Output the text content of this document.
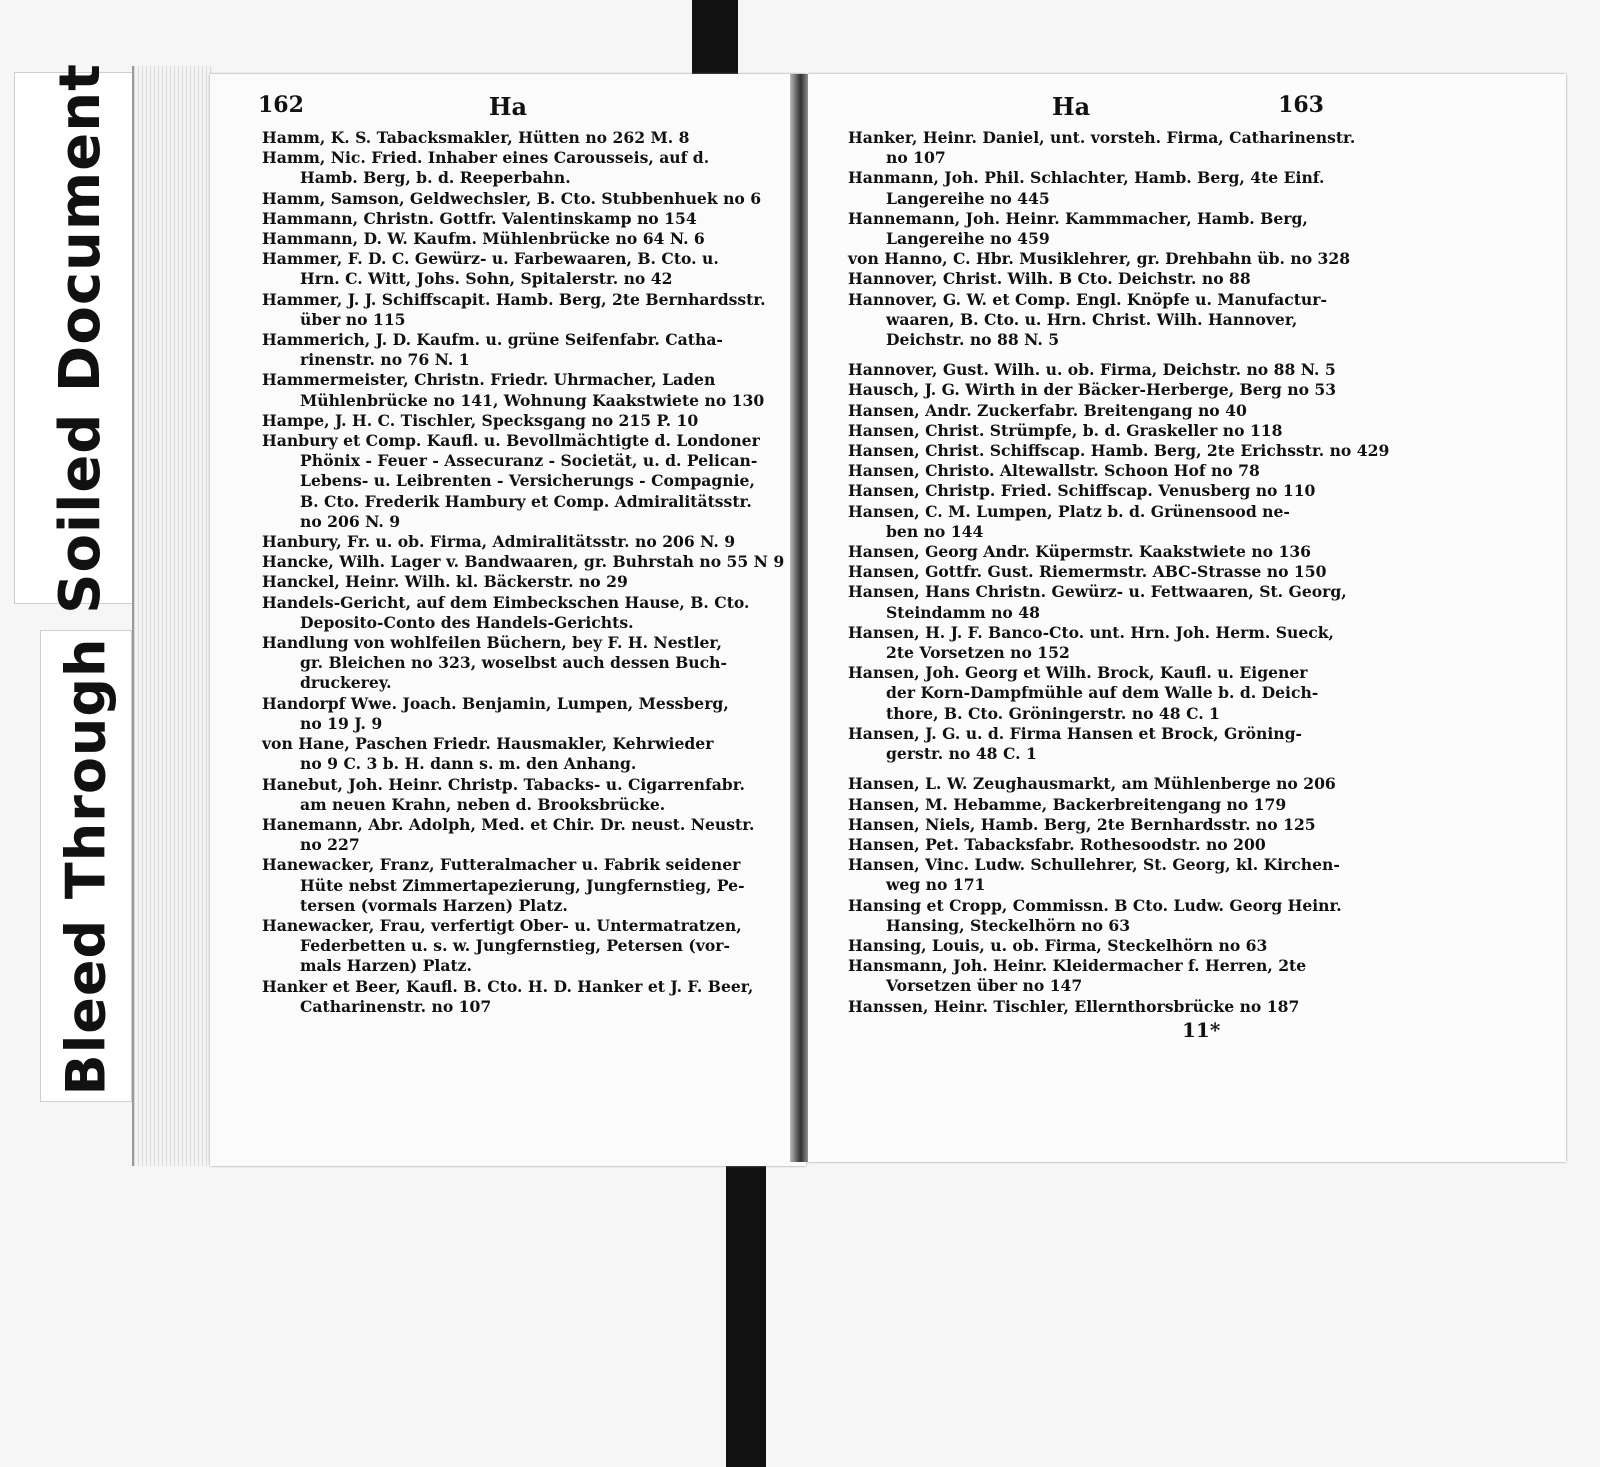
Soiled Document
Bleed Through
162	Ha
Hamm, K. S. Tabacksmakler, Hütten no 262 M. 8
Hamm, Nic. Fried. Inhaber eines Carousseis, auf d.
Hamb. Berg, b. d. Reeperbahn.
Hamm, Samson, Geldwechsler, B. Cto. Stubbenhuek no 6
Hammann, Christn. Gottfr. Valentinskamp no 154
Hammann, D. W. Kaufm. Mühlenbrücke no 64 N. 6
Hammer, F. D. C. Gewürz- u. Farbewaaren, B. Cto. u.
Hrn. C. Witt, Johs. Sohn, Spitalerstr. no 42
Hammer, J. J. Schiffscapit. Hamb. Berg, 2te Bernhardsstr.
über no 115
Hammerich, J. D. Kaufm. u. grüne Seifenfabr. Catha-
rinenstr. no 76 N. 1
Hammermeister, Christn. Friedr. Uhrmacher, Laden
Mühlenbrücke no 141, Wohnung Kaakstwiete no 130
Hampe, J. H. C. Tischler, Specksgang no 215 P. 10
Hanbury et Comp. Kaufl. u. Bevollmächtigte d. Londoner
Phönix - Feuer - Assecuranz - Societät, u. d. Pelican-
Lebens- u. Leibrenten - Versicherungs - Compagnie,
B. Cto. Frederik Hambury et Comp. Admiralitätsstr.
no 206 N. 9
Hanbury, Fr. u. ob. Firma, Admiralitätsstr. no 206 N. 9
Hancke, Wilh. Lager v. Bandwaaren, gr. Buhrstah no 55 N 9
Hanckel, Heinr. Wilh. kl. Bäckerstr. no 29
Handels-Gericht, auf dem Eimbeckschen Hause, B. Cto.
Deposito-Conto des Handels-Gerichts.
Handlung von wohlfeilen Büchern, bey F. H. Nestler,
gr. Bleichen no 323, woselbst auch dessen Buch-
druckerey.
Handorpf Wwe. Joach. Benjamin, Lumpen, Messberg,
no 19 J. 9
von Hane, Paschen Friedr. Hausmakler, Kehrwieder
no 9 C. 3 b. H. dann s. m. den Anhang.
Hanebut, Joh. Heinr. Christp. Tabacks- u. Cigarrenfabr.
am neuen Krahn, neben d. Brooksbrücke.
Hanemann, Abr. Adolph, Med. et Chir. Dr. neust. Neustr.
no 227
Hanewacker, Franz, Futteralmacher u. Fabrik seidener
Hüte nebst Zimmertapezierung, Jungfernstieg, Pe-
tersen (vormals Harzen) Platz.
Hanewacker, Frau, verfertigt Ober- u. Untermatratzen,
Federbetten u. s. w. Jungfernstieg, Petersen (vor-
mals Harzen) Platz.
Hanker et Beer, Kaufl. B. Cto. H. D. Hanker et J. F. Beer,
Catharinenstr. no 107
Ha	163
Hanker, Heinr. Daniel, unt. vorsteh. Firma, Catharinenstr.
no 107
Hanmann, Joh. Phil. Schlachter, Hamb. Berg, 4te Einf.
Langereihe no 445
Hannemann, Joh. Heinr. Kammmacher, Hamb. Berg,
Langereihe no 459
von Hanno, C. Hbr. Musiklehrer, gr. Drehbahn üb. no 328
Hannover, Christ. Wilh. B Cto. Deichstr. no 88
Hannover, G. W. et Comp. Engl. Knöpfe u. Manufactur-
waaren, B. Cto. u. Hrn. Christ. Wilh. Hannover,
Deichstr. no 88 N. 5
Hannover, Gust. Wilh. u. ob. Firma, Deichstr. no 88 N. 5
Hausch, J. G. Wirth in der Bäcker-Herberge, Berg no 53
Hansen, Andr. Zuckerfabr. Breitengang no 40
Hansen, Christ. Strümpfe, b. d. Graskeller no 118
Hansen, Christ. Schiffscap. Hamb. Berg, 2te Erichsstr. no 429
Hansen, Christo. Altewallstr. Schoon Hof no 78
Hansen, Christp. Fried. Schiffscap. Venusberg no 110
Hansen, C. M. Lumpen, Platz b. d. Grünensood ne-
ben no 144
Hansen, Georg Andr. Küpermstr. Kaakstwiete no 136
Hansen, Gottfr. Gust. Riemermstr. ABC-Strasse no 150
Hansen, Hans Christn. Gewürz- u. Fettwaaren, St. Georg,
Steindamm no 48
Hansen, H. J. F. Banco-Cto. unt. Hrn. Joh. Herm. Sueck,
2te Vorsetzen no 152
Hansen, Joh. Georg et Wilh. Brock, Kaufl. u. Eigener
der Korn-Dampfmühle auf dem Walle b. d. Deich-
thore, B. Cto. Gröningerstr. no 48 C. 1
Hansen, J. G. u. d. Firma Hansen et Brock, Gröning-
gerstr. no 48 C. 1
Hansen, L. W. Zeughausmarkt, am Mühlenberge no 206
Hansen, M. Hebamme, Backerbreitengang no 179
Hansen, Niels, Hamb. Berg, 2te Bernhardsstr. no 125
Hansen, Pet. Tabacksfabr. Rothesoodstr. no 200
Hansen, Vinc. Ludw. Schullehrer, St. Georg, kl. Kirchen-
weg no 171
Hansing et Cropp, Commissn. B Cto. Ludw. Georg Heinr.
Hansing, Steckelhörn no 63
Hansing, Louis, u. ob. Firma, Steckelhörn no 63
Hansmann, Joh. Heinr. Kleidermacher f. Herren, 2te
Vorsetzen über no 147
Hanssen, Heinr. Tischler, Ellernthorsbrücke no 187
11*
